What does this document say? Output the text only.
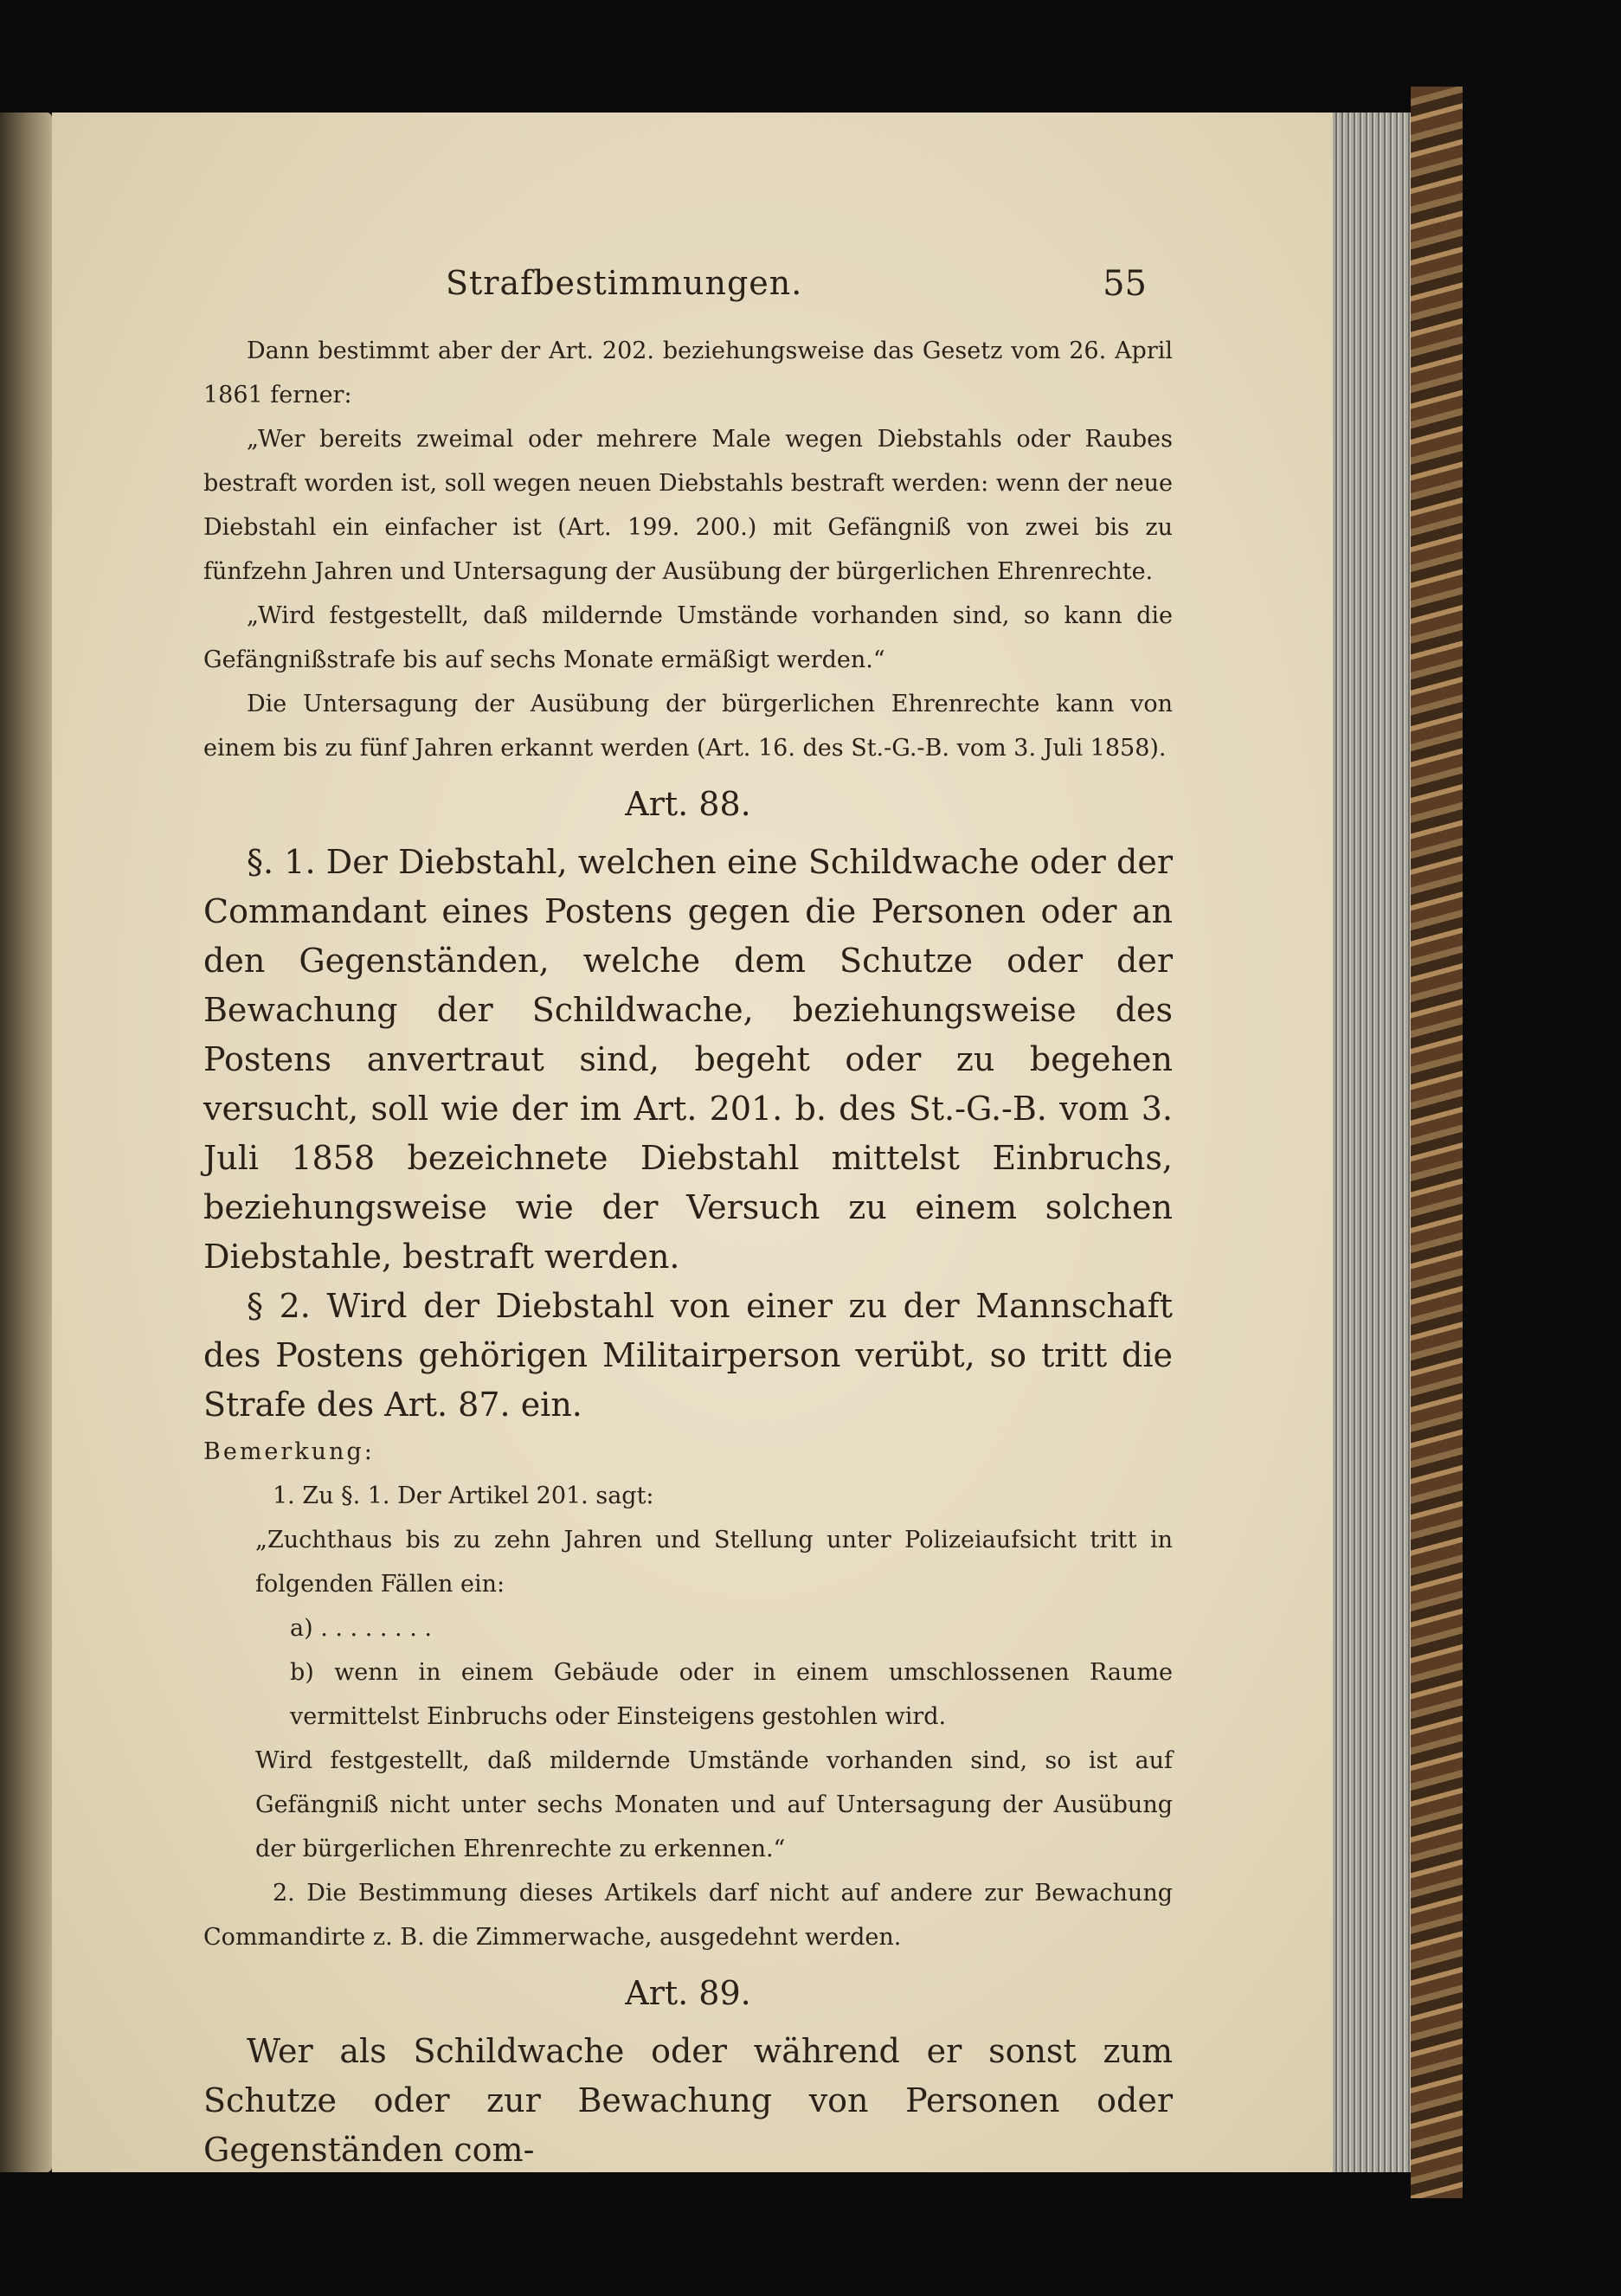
Strafbestimmungen.	55

Dann bestimmt aber der Art. 202. beziehungsweise das Gesetz vom 26. April 1861 ferner:

„Wer bereits zweimal oder mehrere Male wegen Diebstahls oder Raubes bestraft worden ist, soll wegen neuen Diebstahls bestraft werden: wenn der neue Diebstahl ein einfacher ist (Art. 199. 200.) mit Gefängniß von zwei bis zu fünfzehn Jahren und Untersagung der Ausübung der bürgerlichen Ehrenrechte.

„Wird festgestellt, daß mildernde Umstände vorhanden sind, so kann die Gefängnißstrafe bis auf sechs Monate ermäßigt werden.“

Die Untersagung der Ausübung der bürgerlichen Ehrenrechte kann von einem bis zu fünf Jahren erkannt werden (Art. 16. des St.-G.-B. vom 3. Juli 1858).

Art. 88.

§. 1. Der Diebstahl, welchen eine Schildwache oder der Commandant eines Postens gegen die Personen oder an den Gegenständen, welche dem Schutze oder der Bewachung der Schildwache, beziehungsweise des Postens anvertraut sind, begeht oder zu begehen versucht, soll wie der im Art. 201. b. des St.-G.-B. vom 3. Juli 1858 bezeichnete Diebstahl mittelst Einbruchs, beziehungsweise wie der Versuch zu einem solchen Diebstahle, bestraft werden.

§ 2. Wird der Diebstahl von einer zu der Mannschaft des Postens gehörigen Militairperson verübt, so tritt die Strafe des Art. 87. ein.

Bemerkung:

1. Zu §. 1. Der Artikel 201. sagt:

„Zuchthaus bis zu zehn Jahren und Stellung unter Polizeiaufsicht tritt in folgenden Fällen ein:

a) . . . . . . . .

b) wenn in einem Gebäude oder in einem umschlossenen Raume vermittelst Einbruchs oder Einsteigens gestohlen wird.

Wird festgestellt, daß mildernde Umstände vorhanden sind, so ist auf Gefängniß nicht unter sechs Monaten und auf Untersagung der Ausübung der bürgerlichen Ehrenrechte zu erkennen.“

2. Die Bestimmung dieses Artikels darf nicht auf andere zur Bewachung Commandirte z. B. die Zimmerwache, ausgedehnt werden.

Art. 89.

Wer als Schildwache oder während er sonst zum Schutze oder zur Bewachung von Personen oder Gegenständen com-
